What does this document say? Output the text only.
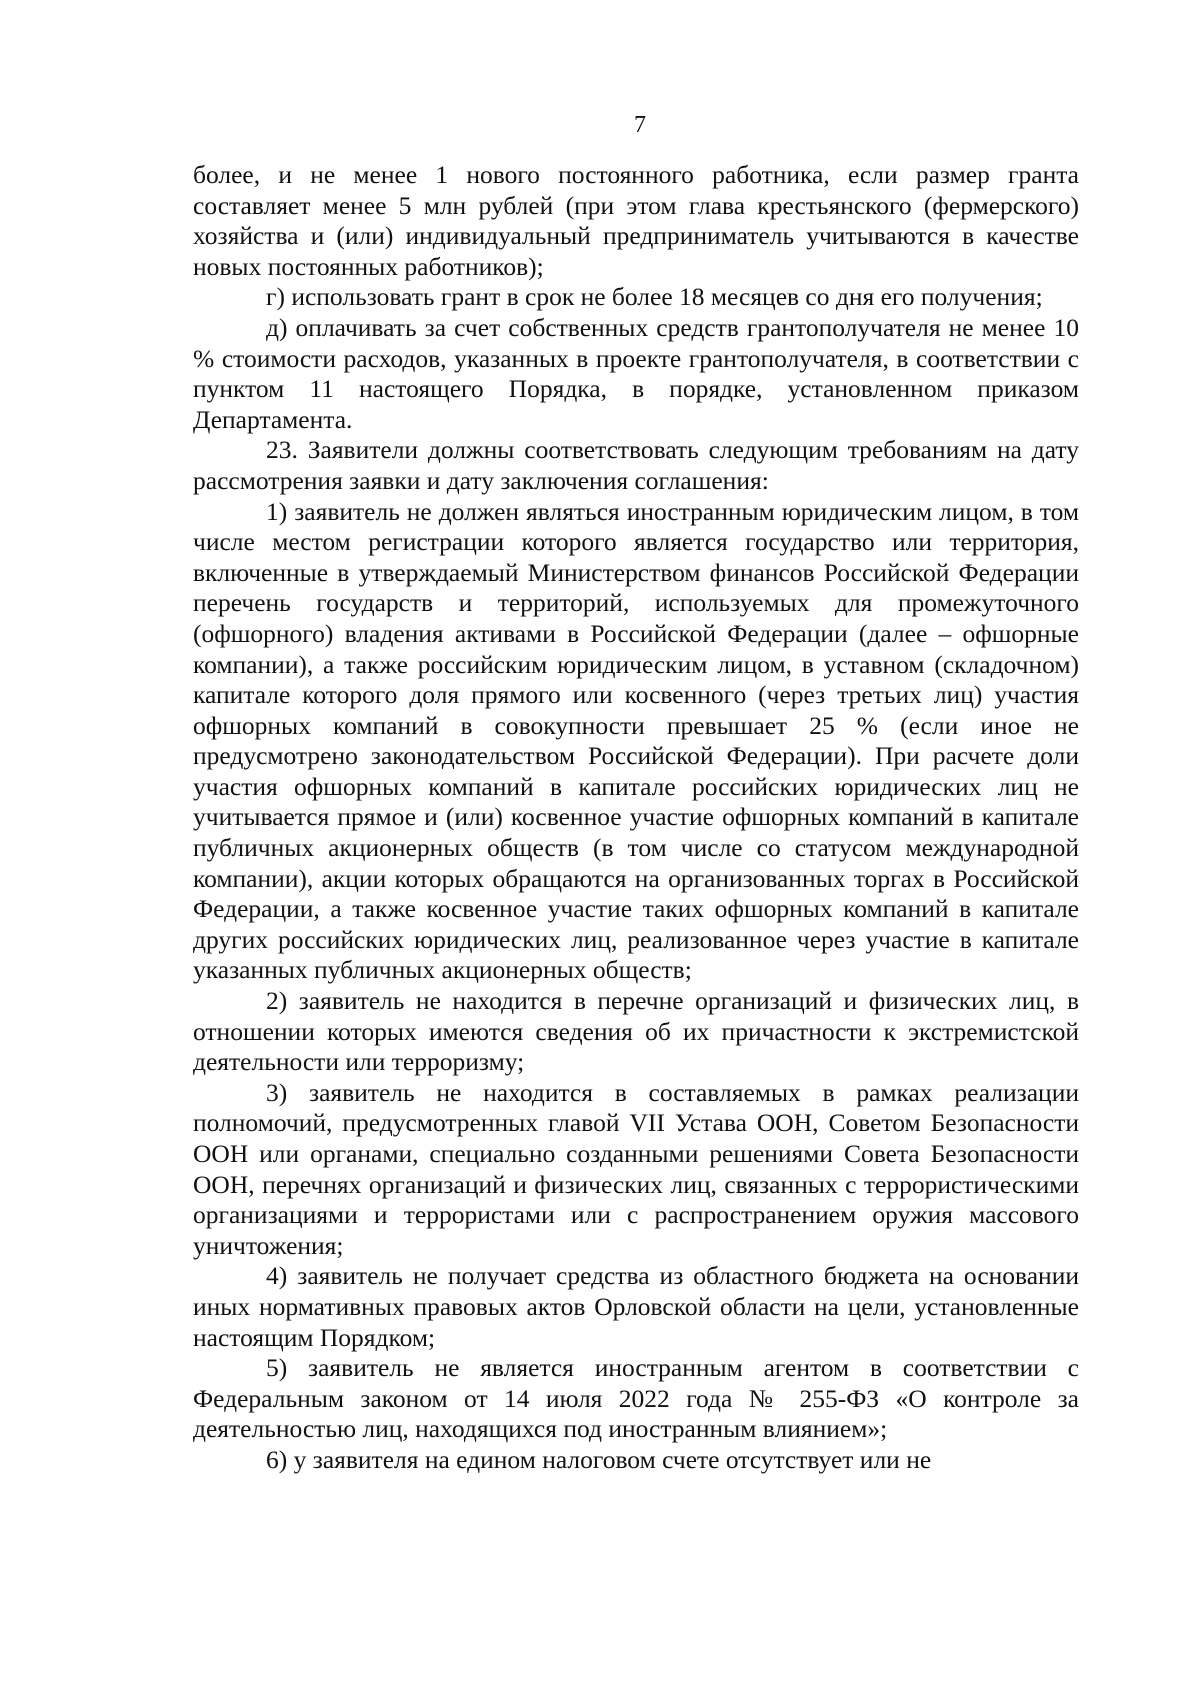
7

более, и не менее 1 нового постоянного работника, если размер гранта составляет менее 5 млн рублей (при этом глава крестьянского (фермерского) хозяйства и (или) индивидуальный предприниматель учитываются в качестве новых постоянных работников);

г) использовать грант в срок не более 18 месяцев со дня его получения;

д) оплачивать за счет собственных средств грантополучателя не менее 10 % стоимости расходов, указанных в проекте грантополучателя, в соответствии с пунктом 11 настоящего Порядка, в порядке, установленном приказом Департамента.

23. Заявители должны соответствовать следующим требованиям на дату рассмотрения заявки и дату заключения соглашения:

1) заявитель не должен являться иностранным юридическим лицом, в том числе местом регистрации которого является государство или территория, включенные в утверждаемый Министерством финансов Российской Федерации перечень государств и территорий, используемых для промежуточного (офшорного) владения активами в Российской Федерации (далее – офшорные компании), а также российским юридическим лицом, в уставном (складочном) капитале которого доля прямого или косвенного (через третьих лиц) участия офшорных компаний в совокупности превышает 25 % (если иное не предусмотрено законодательством Российской Федерации). При расчете доли участия офшорных компаний в капитале российских юридических лиц не учитывается прямое и (или) косвенное участие офшорных компаний в капитале публичных акционерных обществ (в том числе со статусом международной компании), акции которых обращаются на организованных торгах в Российской Федерации, а также косвенное участие таких офшорных компаний в капитале других российских юридических лиц, реализованное через участие в капитале указанных публичных акционерных обществ;

2) заявитель не находится в перечне организаций и физических лиц, в отношении которых имеются сведения об их причастности к экстремистской деятельности или терроризму;

3) заявитель не находится в составляемых в рамках реализации полномочий, предусмотренных главой VII Устава ООН, Советом Безопасности ООН или органами, специально созданными решениями Совета Безопасности ООН, перечнях организаций и физических лиц, связанных с террористическими организациями и террористами или с распространением оружия массового уничтожения;

4) заявитель не получает средства из областного бюджета на основании иных нормативных правовых актов Орловской области на цели, установленные настоящим Порядком;

5) заявитель не является иностранным агентом в соответствии с Федеральным законом от 14 июля 2022 года № 255-ФЗ «О контроле за деятельностью лиц, находящихся под иностранным влиянием»;

6) у заявителя на едином налоговом счете отсутствует или не
